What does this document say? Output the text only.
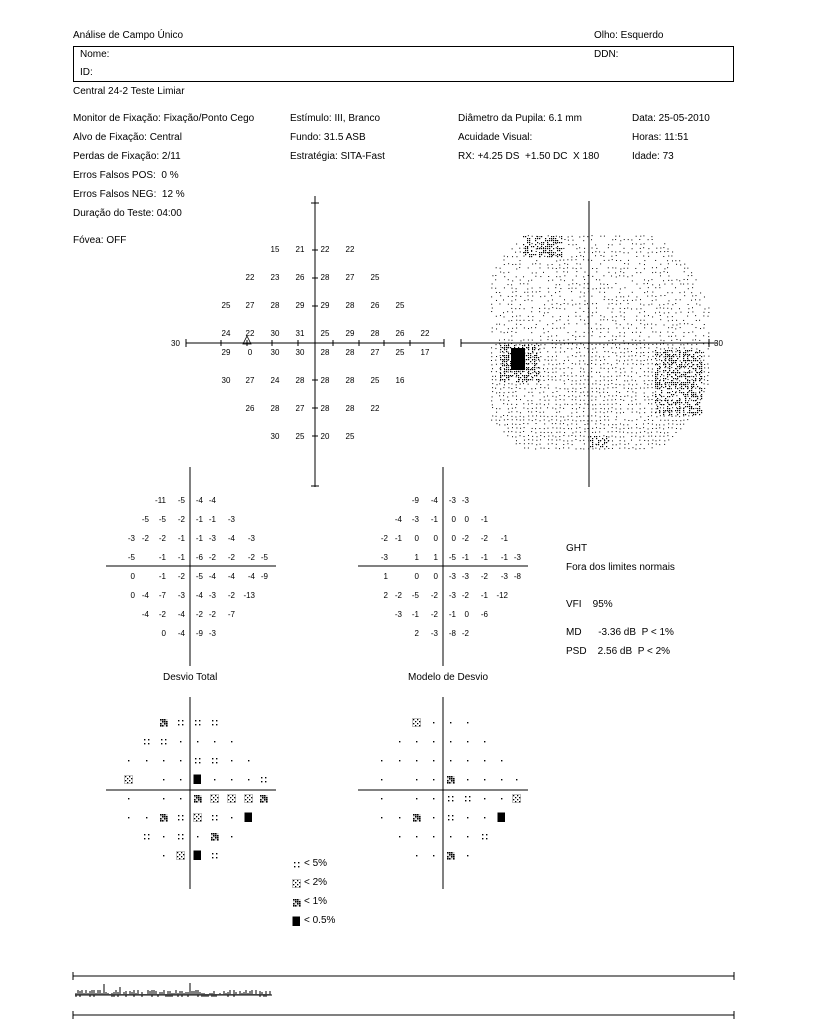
Análise de Campo Único	Olho: Esquerdo
Nome:	DDN:
ID:
Central 24-2 Teste Limiar
Monitor de Fixação: Fixação/Ponto Cego
Alvo de Fixação: Central
Perdas de Fixação: 2/11
Erros Falsos POS:  0 %
Erros Falsos NEG:  12 %
Duração do Teste: 04:00
Estímulo: III, Branco
Fundo: 31.5 ASB
Estratégia: SITA-Fast
Diâmetro da Pupila: 6.1 mm
Acuidade Visual:
RX: +4.25 DS  +1.50 DC  X 180
Data: 25-05-2010
Horas: 11:51
Idade: 73
Fóvea: OFF
15 21 22 22
22 23 26 28 27 25
25 27 28 29 29 28 26 25
24 22 30 31 25 29 28 26 22
29 0 30 30 28 28 27 25 17
30 27 24 28 28 28 25 16
26 28 27 28 28 22
30 25 20 25
30	30
-11 -5 -4 -4
-5 -5 -2 -1 -1 -3
-3 -2 -2 -1 -1 -3 -4 -3
-5	-1 -1 -6 -2 -2 -2 -5
0	-1 -2 -5 -4 -4 -4 -9
0 -4 -7 -3 -4 -3 -2 -13
-4 -2 -4 -2 -2 -7
0 -4 -9 -3
-9 -4 -3 -3
-4 -3 -1 0 0 -1
-2 -1 0 0 0 -2 -2 -1
-3	1 1 -5 -1 -1 -1 -3
1	0 0 -3 -3 -2 -3 -8
2 -2 -5 -2 -3 -2 -1 -12
-3 -1 -2 -1 0 -6
2 -3 -8 -2
GHT
Fora dos limites normais
VFI    95%
MD      -3.36 dB  P < 1%
PSD    2.56 dB  P < 2%
Desvio Total	Modelo de Desvio
< 5%
< 2%
< 1%
< 0.5%
